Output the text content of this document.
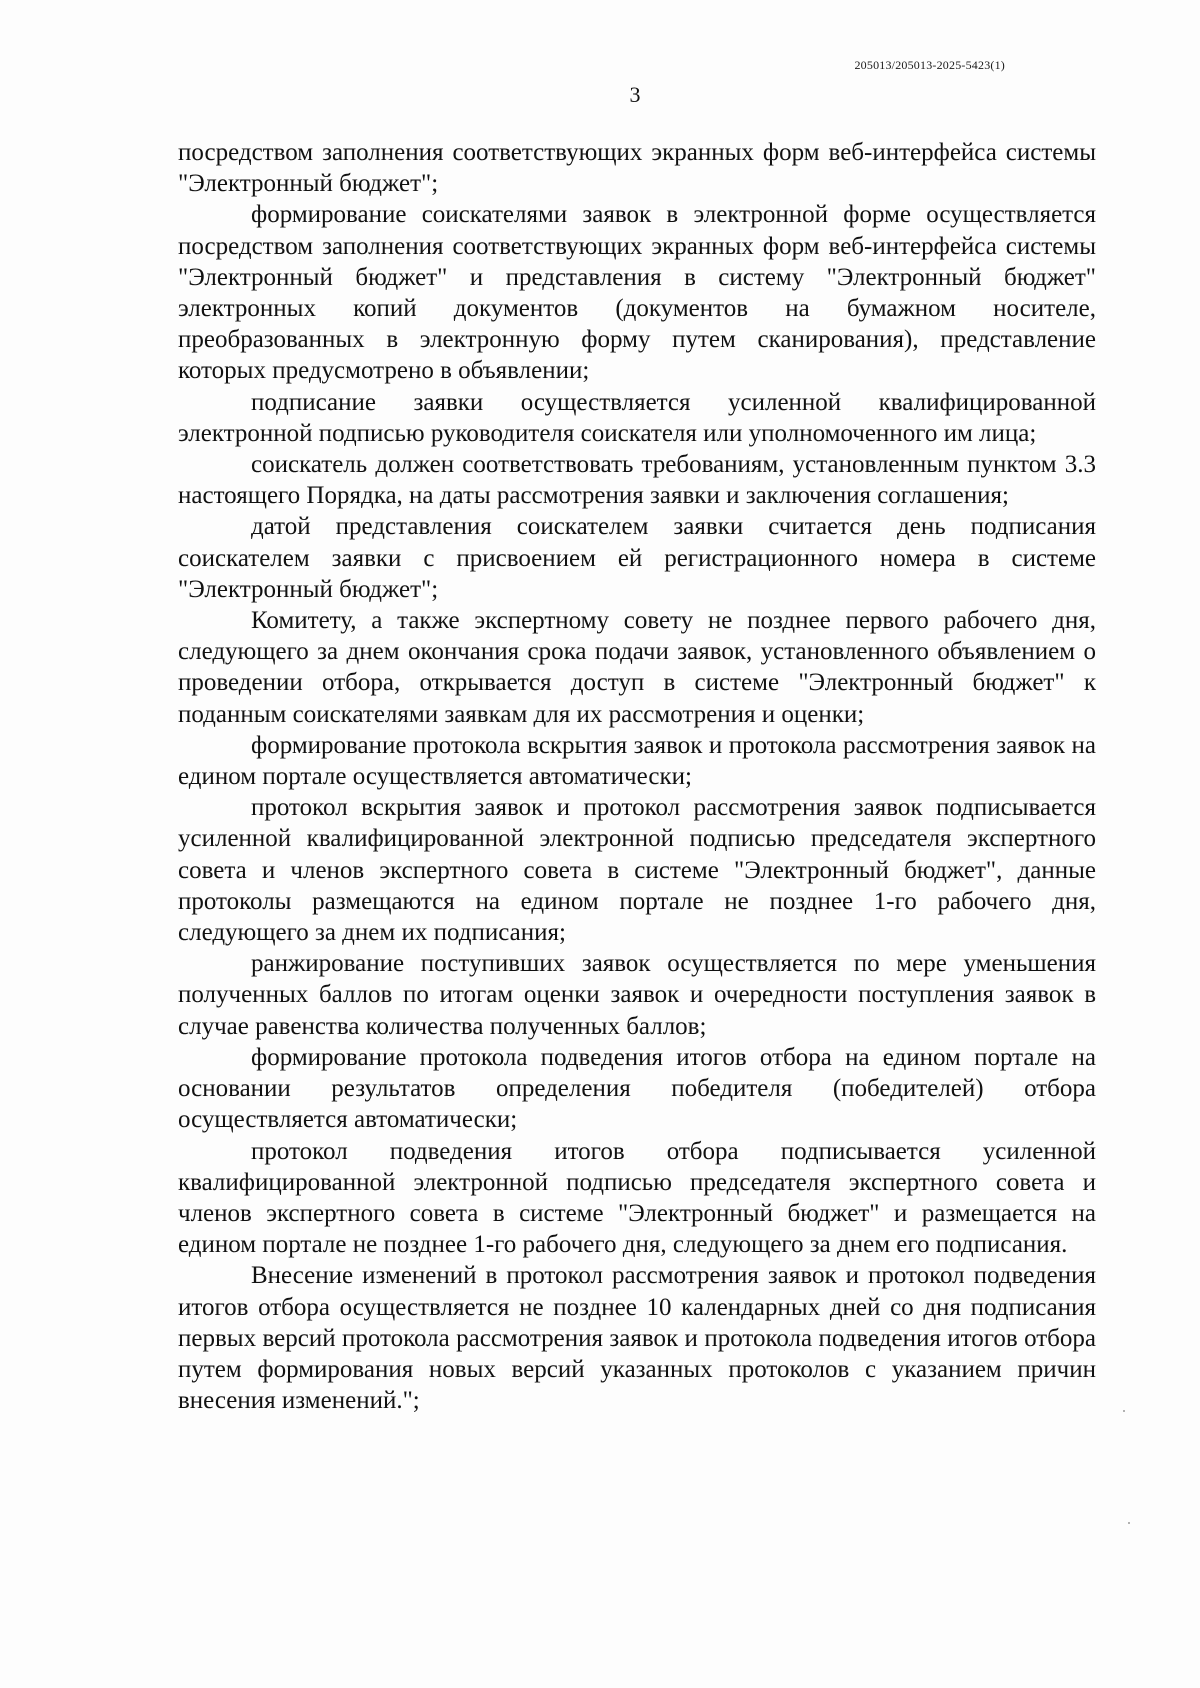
205013/205013-2025-5423(1)
3

посредством заполнения соответствующих экранных форм веб-интерфейса системы "Электронный бюджет";

формирование соискателями заявок в электронной форме осуществляется посредством заполнения соответствующих экранных форм веб-интерфейса системы "Электронный бюджет" и представления в систему "Электронный бюджет" электронных копий документов (документов на бумажном носителе, преобразованных в электронную форму путем сканирования), представление которых предусмотрено в объявлении;

подписание заявки осуществляется усиленной квалифицированной электронной подписью руководителя соискателя или уполномоченного им лица;

соискатель должен соответствовать требованиям, установленным пунктом 3.3 настоящего Порядка, на даты рассмотрения заявки и заключения соглашения;

датой представления соискателем заявки считается день подписания соискателем заявки с присвоением ей регистрационного номера в системе "Электронный бюджет";

Комитету, а также экспертному совету не позднее первого рабочего дня, следующего за днем окончания срока подачи заявок, установленного объявлением о проведении отбора, открывается доступ в системе "Электронный бюджет" к поданным соискателями заявкам для их рассмотрения и оценки;

формирование протокола вскрытия заявок и протокола рассмотрения заявок на едином портале осуществляется автоматически;

протокол вскрытия заявок и протокол рассмотрения заявок подписывается усиленной квалифицированной электронной подписью председателя экспертного совета и членов экспертного совета в системе "Электронный бюджет", данные протоколы размещаются на едином портале не позднее 1-го рабочего дня, следующего за днем их подписания;

ранжирование поступивших заявок осуществляется по мере уменьшения полученных баллов по итогам оценки заявок и очередности поступления заявок в случае равенства количества полученных баллов;

формирование протокола подведения итогов отбора на едином портале на основании результатов определения победителя (победителей) отбора осуществляется автоматически;

протокол подведения итогов отбора подписывается усиленной квалифицированной электронной подписью председателя экспертного совета и членов экспертного совета в системе "Электронный бюджет" и размещается на едином портале не позднее 1-го рабочего дня, следующего за днем его подписания.

Внесение изменений в протокол рассмотрения заявок и протокол подведения итогов отбора осуществляется не позднее 10 календарных дней со дня подписания первых версий протокола рассмотрения заявок и протокола подведения итогов отбора путем формирования новых версий указанных протоколов с указанием причин внесения изменений.";
